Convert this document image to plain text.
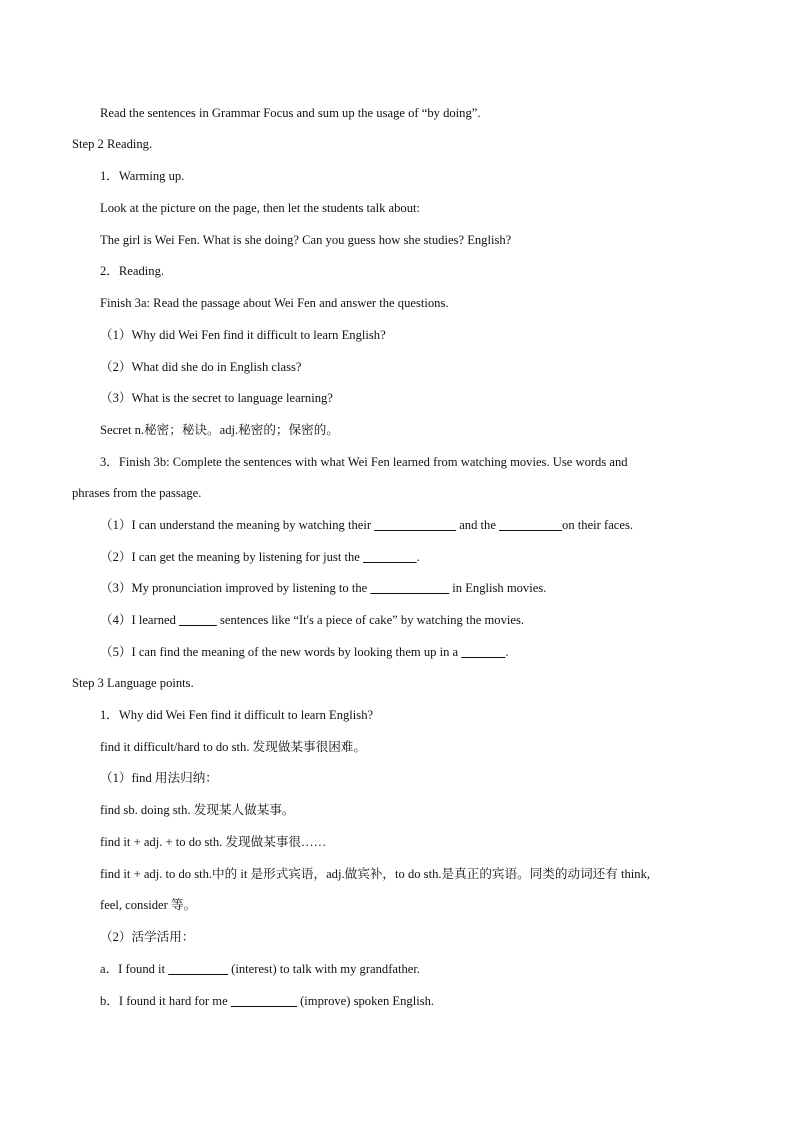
Read the sentences in Grammar Focus and sum up the usage of “by doing”.
Step 2 Reading.
1．Warming up.
Look at the picture on the page, then let the students talk about:
The girl is Wei Fen. What is she doing? Can you guess how she studies? English?
2．Reading.
Finish 3a: Read the passage about Wei Fen and answer the questions.
（1）Why did Wei Fen find it difficult to learn English?
（2）What did she do in English class?
（3）What is the secret to language learning?
Secret n.秘密；秘诀。adj.秘密的；保密的。
3．Finish 3b: Complete the sentences with what Wei Fen learned from watching movies. Use words and
phrases from the passage.
（1）I can understand the meaning by watching their	and the	on their faces.
（2）I can get the meaning by listening for just the	.
（3）My pronunciation improved by listening to the	in English movies.
（4）I learned	sentences like “It's a piece of cake” by watching the movies.
（5）I can find the meaning of the new words by looking them up in a	.
Step 3 Language points.
1．Why did Wei Fen find it difficult to learn English?
find it difficult/hard to do sth. 发现做某事很困难。
（1）find 用法归纳：
find sb. doing sth. 发现某人做某事。
find it + adj. + to do sth. 发现做某事很……
find it + adj. to do sth.中的 it 是形式宾语，adj.做宾补，to do sth.是真正的宾语。同类的动词还有 think,
feel, consider 等。
（2）活学活用：
a．I found it	(interest) to talk with my grandfather.
b．I found it hard for me	(improve) spoken English.
